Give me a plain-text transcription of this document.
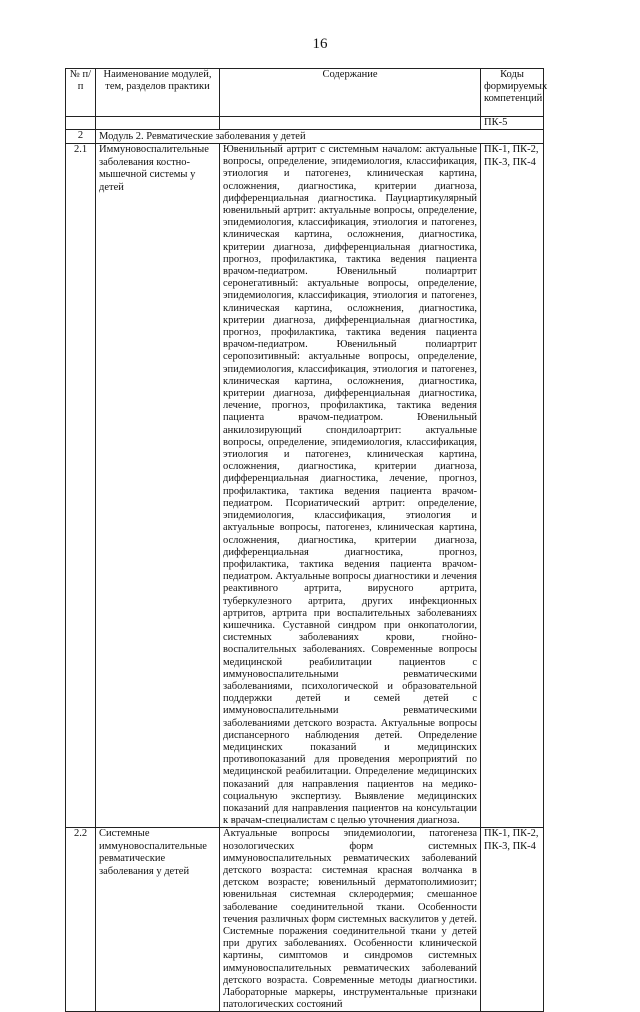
16
№ п/п	Наименование модулей, тем, разделов практики	Содержание	Коды формируемых компетенций
			ПК-5
2	Модуль 2. Ревматические заболевания у детей		
2.1	Иммуновоспалительные заболевания костно-мышечной системы у детей	Ювенильный артрит с системным началом: актуальные вопросы, определение, эпидемиология, классификация, этиология и патогенез, клиническая картина, осложнения, диагностика, критерии диагноза, дифференциальная диагностика. Пауциартикулярный ювенильный артрит: актуальные вопросы, определение, эпидемиология, классификация, этиология и патогенез, клиническая картина, осложнения, диагностика, критерии диагноза, дифференциальная диагностика, прогноз, профилактика, тактика ведения пациента врачом-педиатром. Ювенильный полиартрит серонегативный: актуальные вопросы, определение, эпидемиология, классификация, этиология и патогенез, клиническая картина, осложнения, диагностика, критерии диагноза, дифференциальная диагностика, прогноз, профилактика, тактика ведения пациента врачом-педиатром. Ювенильный полиартрит серопозитивный: актуальные вопросы, определение, эпидемиология, классификация, этиология и патогенез, клиническая картина, осложнения, диагностика, критерии диагноза, дифференциальная диагностика, лечение, прогноз, профилактика, тактика ведения пациента врачом-педиатром. Ювенильный анкилозирующий спондилоартрит: актуальные вопросы, определение, эпидемиология, классификация, этиология и патогенез, клиническая картина, осложнения, диагностика, критерии диагноза, дифференциальная диагностика, лечение, прогноз, профилактика, тактика ведения пациента врачом-педиатром. Псориатический артрит: определение, эпидемиология, классификация, этиология и актуальные вопросы, патогенез, клиническая картина, осложнения, диагностика, критерии диагноза, дифференциальная диагностика, прогноз, профилактика, тактика ведения пациента врачом-педиатром. Актуальные вопросы диагностики и лечения реактивного артрита, вирусного артрита, туберкулезного артрита, других инфекционных артритов, артрита при воспалительных заболеваниях кишечника. Суставной синдром при онкопатологии, системных заболеваниях крови, гнойно-воспалительных заболеваниях. Современные вопросы медицинской реабилитации пациентов с иммуновоспалительными ревматическими заболеваниями, психологической и образовательной поддержки детей и семей детей с иммуновоспалительными ревматическими заболеваниями детского возраста. Актуальные вопросы диспансерного наблюдения детей. Определение медицинских показаний и медицинских противопоказаний для проведения мероприятий по медицинской реабилитации. Определение медицинских показаний для направления пациентов на медико-социальную экспертизу. Выявление медицинских показаний для направления пациентов на консультации к врачам-специалистам с целью уточнения диагноза.	ПК-1, ПК-2, ПК-3, ПК-4
2.2	Системные иммуновоспалительные ревматические заболевания у детей	Актуальные вопросы эпидемиологии, патогенеза нозологических форм системных иммуновоспалительных ревматических заболеваний детского возраста: системная красная волчанка в детском возрасте; ювенильный дерматополимиозит; ювенильная системная склеродермия; смешанное заболевание соединительной ткани. Особенности течения различных форм системных васкулитов у детей. Системные поражения соединительной ткани у детей при других заболеваниях. Особенности клинической картины, симптомов и синдромов системных иммуновоспалительных ревматических заболеваний детского возраста. Современные методы диагностики. Лабораторные маркеры, инструментальные признаки патологических состояний	ПК-1, ПК-2, ПК-3, ПК-4
